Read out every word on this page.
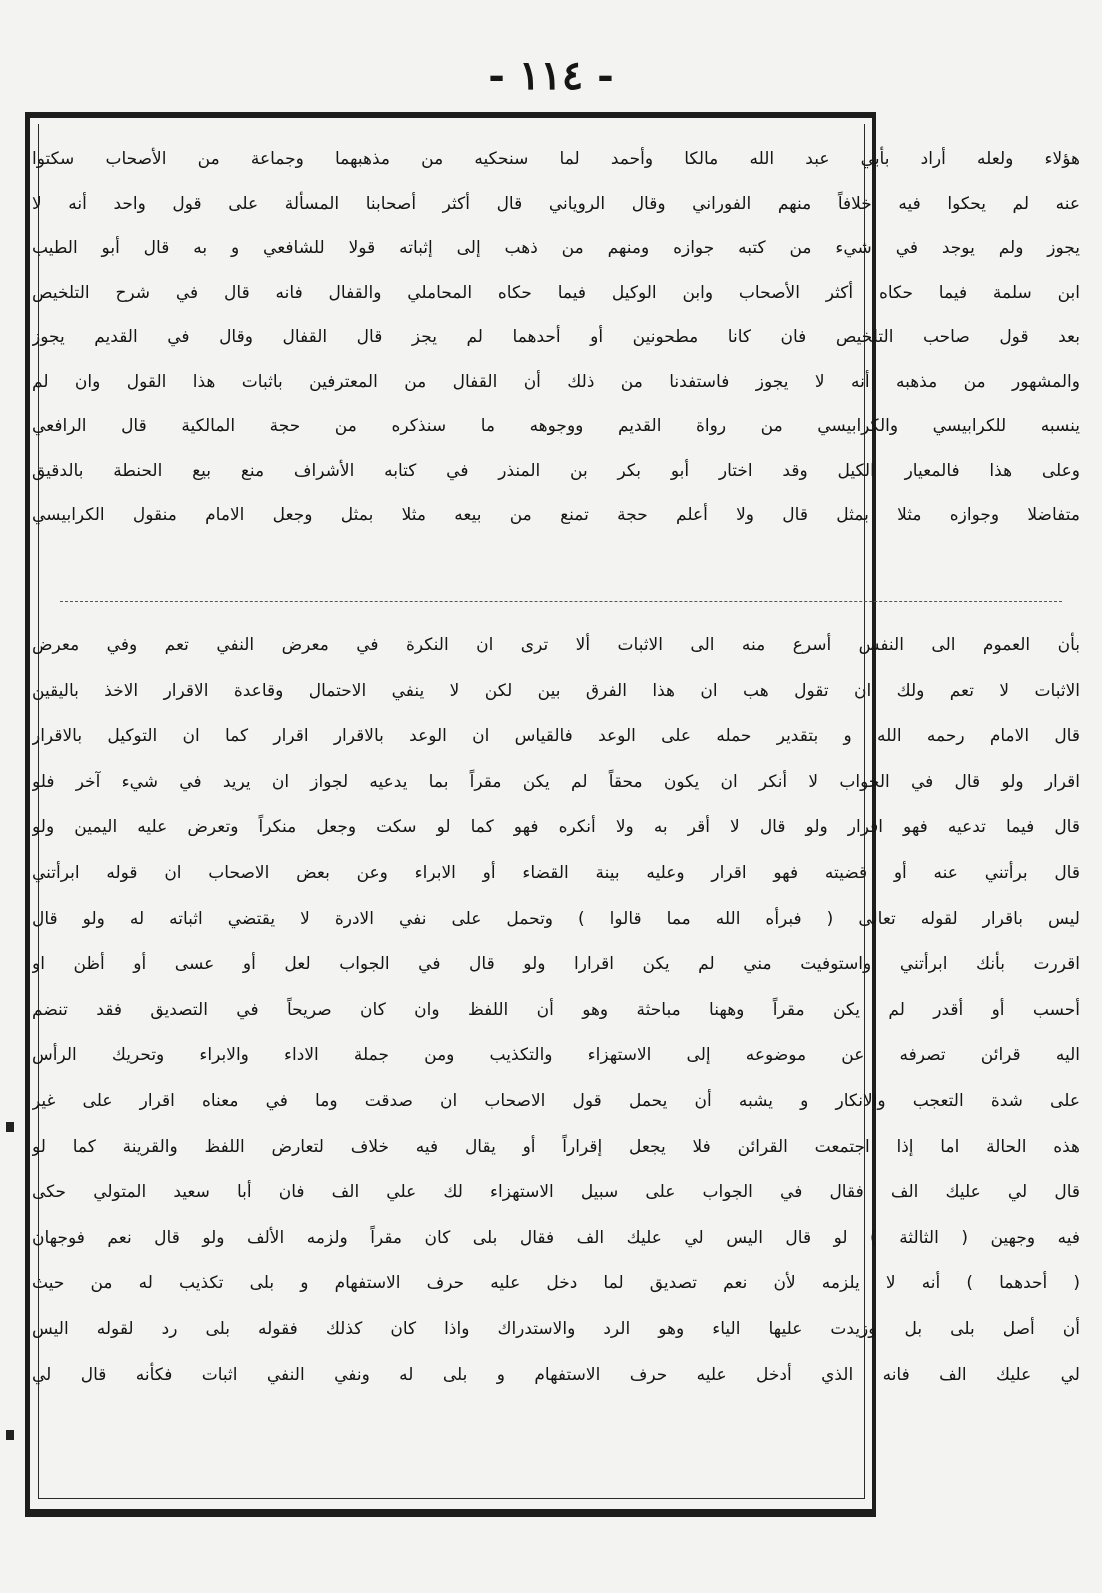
- ١١٤ -
هؤلاء ولعله أراد بأبي عبد الله مالكا وأحمد لما سنحكيه من مذهبهما وجماعة من الأصحاب سكتوا
عنه لم يحكوا فيه خلافاً منهم الفوراني وقال الروياني قال أكثر أصحابنا المسألة على قول واحد أنه لا
يجوز ولم يوجد في شيء من كتبه جوازه ومنهم من ذهب إلى إثباته قولا للشافعي و به قال أبو الطيب
ابن سلمة فيما حكاه أكثر الأصحاب وابن الوكيل فيما حكاه المحاملي والقفال فانه قال في شرح التلخيص
بعد قول صاحب التلخيص فان كانا مطحونين أو أحدهما لم يجز قال القفال وقال في القديم يجوز
والمشهور من مذهبه أنه لا يجوز فاستفدنا من ذلك أن القفال من المعترفين باثبات هذا القول وان لم
ينسبه للكرابيسي والكرابيسي من رواة القديم ووجوهه ما سنذكره من حجة المالكية قال الرافعي
وعلى هذا فالمعيار الكيل وقد اختار أبو بكر بن المنذر في كتابه الأشراف منع بيع الحنطة بالدقيق
متفاضلا وجوازه مثلا بمثل قال ولا أعلم حجة تمنع من بيعه مثلا بمثل وجعل الامام منقول الكرابيسي
بأن العموم الى النفس أسرع منه الى الاثبات ألا ترى ان النكرة في معرض النفي تعم وفي معرض
الاثبات لا تعم ولك ان تقول هب ان هذا الفرق بين لكن لا ينفي الاحتمال وقاعدة الاقرار الاخذ باليقين
قال الامام رحمه الله و بتقدير حمله على الوعد فالقياس ان الوعد بالاقرار اقرار كما ان التوكيل بالاقرار
اقرار ولو قال في الجواب لا أنكر ان يكون محقاً لم يكن مقراً بما يدعيه لجواز ان يريد في شيء آخر فلو
قال فيما تدعيه فهو اقرار ولو قال لا أقر به ولا أنكره فهو كما لو سكت وجعل منكراً وتعرض عليه اليمين ولو
قال برأتني عنه أو قضيته فهو اقرار وعليه بينة القضاء أو الابراء وعن بعض الاصحاب ان قوله ابرأتني
ليس باقرار لقوله تعالى ( فبرأه الله مما قالوا ) وتحمل على نفي الادرة لا يقتضي اثباته له ولو قال
اقررت بأنك ابرأتني واستوفيت مني لم يكن اقرارا ولو قال في الجواب لعل أو عسى أو أظن او
أحسب أو أقدر لم يكن مقراً وههنا مباحثة وهو أن اللفظ وان كان صريحاً في التصديق فقد تنضم
اليه قرائن تصرفه عن موضوعه إلى الاستهزاء والتكذيب ومن جملة الاداء والابراء وتحريك الرأس
على شدة التعجب والانكار و يشبه أن يحمل قول الاصحاب ان صدقت وما في معناه اقرار على غير
هذه الحالة اما إذا اجتمعت القرائن فلا يجعل إقراراً أو يقال فيه خلاف لتعارض اللفظ والقرينة كما لو
قال لي عليك الف فقال في الجواب على سبيل الاستهزاء لك علي الف فان أبا سعيد المتولي حكى
فيه وجهين ( الثالثة ) لو قال اليس لي عليك الف فقال بلى كان مقراً ولزمه الألف ولو قال نعم فوجهان
( أحدهما ) أنه لا يلزمه لأن نعم تصديق لما دخل عليه حرف الاستفهام و بلى تكذيب له من حيث
أن أصل بلى بل وزيدت عليها الياء وهو الرد والاستدراك واذا كان كذلك فقوله بلى رد لقوله اليس
لي عليك الف فانه الذي أدخل عليه حرف الاستفهام و بلى له ونفي النفي اثبات فكأنه قال لي
